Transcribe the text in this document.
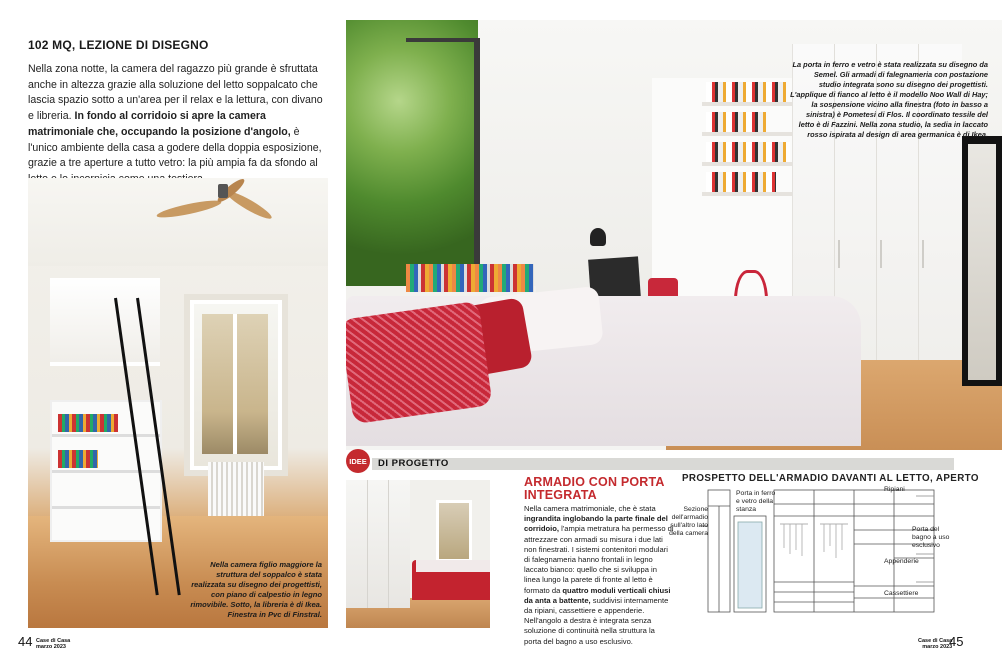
102 MQ, LEZIONE DI DISEGNO

Nella zona notte, la camera del ragazzo più grande è sfruttata anche in altezza grazie alla soluzione del letto soppalcato che lascia spazio sotto a un'area per il relax e la lettura, con divano e libreria. In fondo al corridoio si apre la camera matrimoniale che, occupando la posizione d'angolo, è l'unico ambiente della casa a godere della doppia esposizione, grazie a tre aperture a tutto vetro: la più ampia fa da sfondo al

Nella camera figlio maggiore la struttura del soppalco è stata realizzata su disegno dei progettisti, con piano di calpestio in legno rimovibile. Sotto, la libreria è di Ikea. Finestra in Pvc di Finstral.

44 Case di Casa
marzo 2023

La porta in ferro e vetro è stata realizzata su disegno da Semel. Gli armadi di falegnameria con postazione studio integrata sono su disegno dei progettisti. L'applique di fianco al letto è il modello Noo Wall di Hay; la sospensione vicino alla finestra (foto in basso a sinistra) è Pometesi di Flos. Il coordinato tessile del letto è di Fazzini. Nella zona studio, la sedia in laccato rosso ispirata al design di area germanica è di Ikea.

IDEE	DI PROGETTO
ARMADIO CON PORTA INTEGRATA

Nella camera matrimoniale, che è stata ingrandita inglobando la parte finale del corridoio, l'ampia metratura ha permesso di attrezzare con armadi su misura i due lati non finestrati. I sistemi contenitori modulari di falegnameria hanno frontali in legno laccato bianco: quello che si sviluppa in linea lungo la parete di fronte al letto è formato da quattro moduli verticali chiusi da anta a battente, suddivisi internamente da ripiani, cassettiere e appenderie. Nell'angolo a destra è integrata senza soluzione di continuità nella struttura la porta del bagno a uso esclusivo.

PROSPETTO DELL'ARMADIO DAVANTI AL LETTO, APERTO
Sezione dell'armadio sull'altro lato della camera
Porta in ferro e vetro della stanza
Ripiani
Porta del bagno a uso esclusivo
Appenderie
Cassettiere
Case di Casa
marzo 2023
45
